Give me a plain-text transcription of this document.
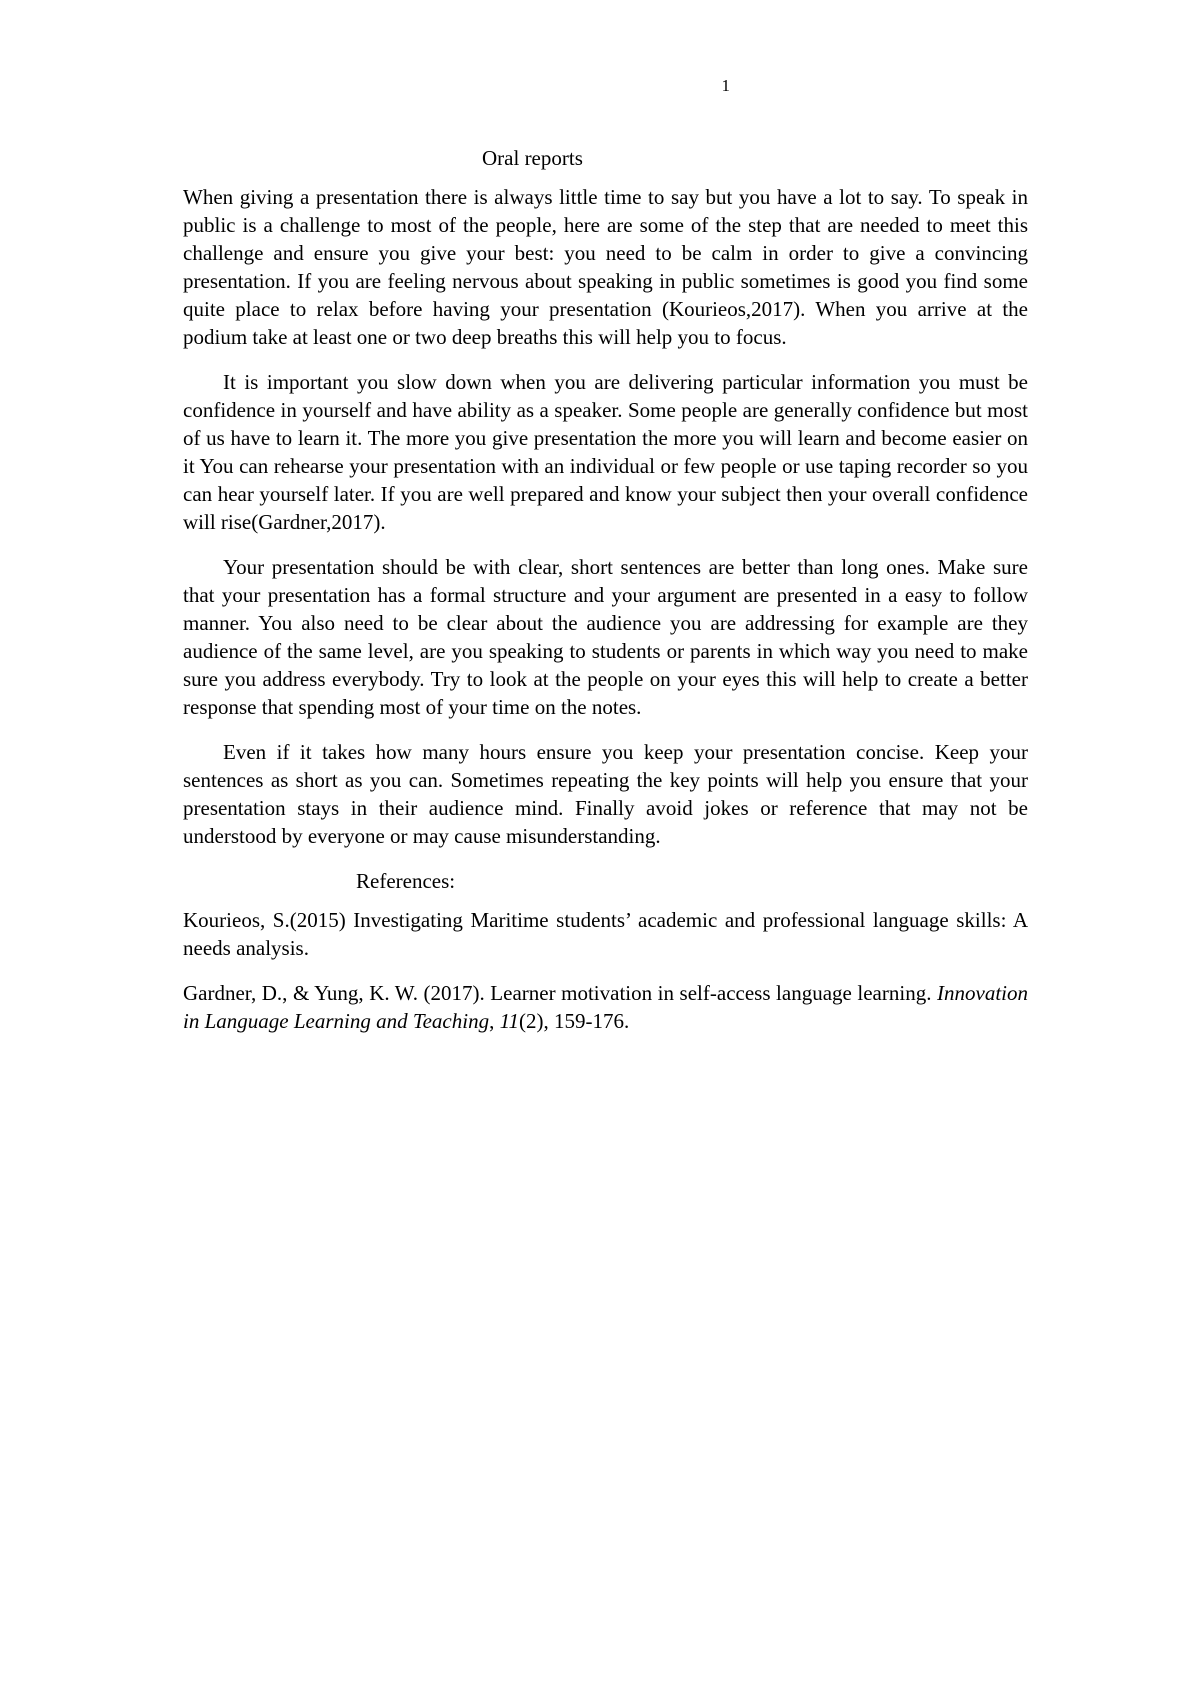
1
Oral reports

When giving a presentation there is always little time to say but you have a lot to say. To speak in public is a challenge to most of the people, here are some of the step that are needed to meet this challenge and ensure you give your best: you need to be calm in order to give a convincing presentation. If you are feeling nervous about speaking in public sometimes is good you find some quite place to relax before having your presentation (Kourieos,2017). When you arrive at the podium take at least one or two deep breaths this will help you to focus.

It is important you slow down when you are delivering particular information you must be confidence in yourself and have ability as a speaker. Some people are generally confidence but most of us have to learn it. The more you give presentation the more you will learn and become easier on it You can rehearse your presentation with an individual or few people or use taping recorder so you can hear yourself later. If you are well prepared and know your subject then your overall confidence will rise(Gardner,2017).

Your presentation should be with clear, short sentences are better than long ones. Make sure that your presentation has a formal structure and your argument are presented in a easy to follow manner. You also need to be clear about the audience you are addressing for example are they audience of the same level, are you speaking to students or parents in which way you need to make sure you address everybody. Try to look at the people on your eyes this will help to create a better response that spending most of your time on the notes.

Even if it takes how many hours ensure you keep your presentation concise. Keep your sentences as short as you can. Sometimes repeating the key points will help you ensure that your presentation stays in their audience mind. Finally avoid jokes or reference that may not be understood by everyone or may cause misunderstanding.

References:

Kourieos, S.(2015) Investigating Maritime students’ academic and professional language skills: A needs analysis.

Gardner, D., & Yung, K. W. (2017). Learner motivation in self-access language learning. Innovation in Language Learning and Teaching, 11(2), 159-176.
